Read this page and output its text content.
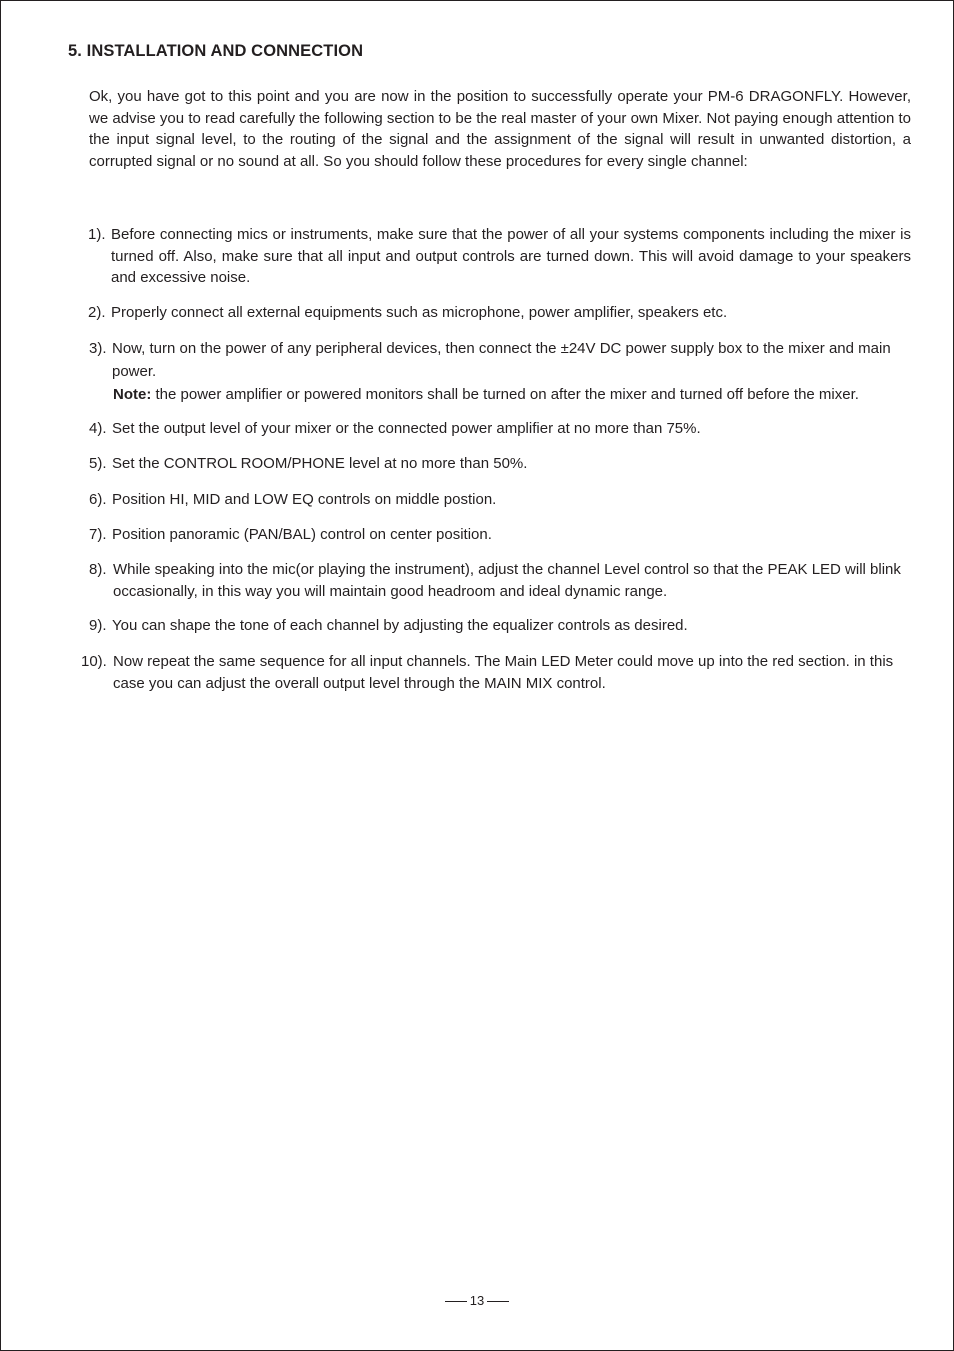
5. INSTALLATION AND CONNECTION

Ok, you have got to this point and you are now in the position to successfully operate your PM-6 DRAGONFLY. However, we advise you to read carefully the following section to be the real master of your own Mixer. Not paying enough attention to the input signal level, to the routing of the signal and the assignment of the signal will result in unwanted distortion, a corrupted signal or no sound at all. So you should follow these procedures for every single channel:

1). Before connecting mics or instruments, make sure that the power of all your systems components including the mixer is turned off. Also, make sure that all input and output controls are turned down. This will avoid damage to your speakers and excessive noise.
2). Properly connect all external equipments such as microphone, power amplifier, speakers etc.
3). Now, turn on the power of any peripheral devices, then connect the ±24V DC power supply box to the mixer and main power.

Note: the power amplifier or powered monitors shall be turned on after the mixer and turned off before the mixer.

4). Set the output level of your mixer or the connected power amplifier at no more than 75%.
5). Set the CONTROL ROOM/PHONE level at no more than 50%.
6). Position HI, MID and LOW EQ controls on middle postion.
7). Position panoramic (PAN/BAL) control on center position.
8). While speaking into the mic(or playing the instrument), adjust the channel Level control so that the PEAK LED will blink occasionally, in this way you will maintain good headroom and ideal dynamic range.
9). You can shape the tone of each channel by adjusting the equalizer controls as desired.
10). Now repeat the same sequence for all input channels. The Main LED Meter could move up into the red section. in this case you can adjust the overall output level through the MAIN MIX control.
13
